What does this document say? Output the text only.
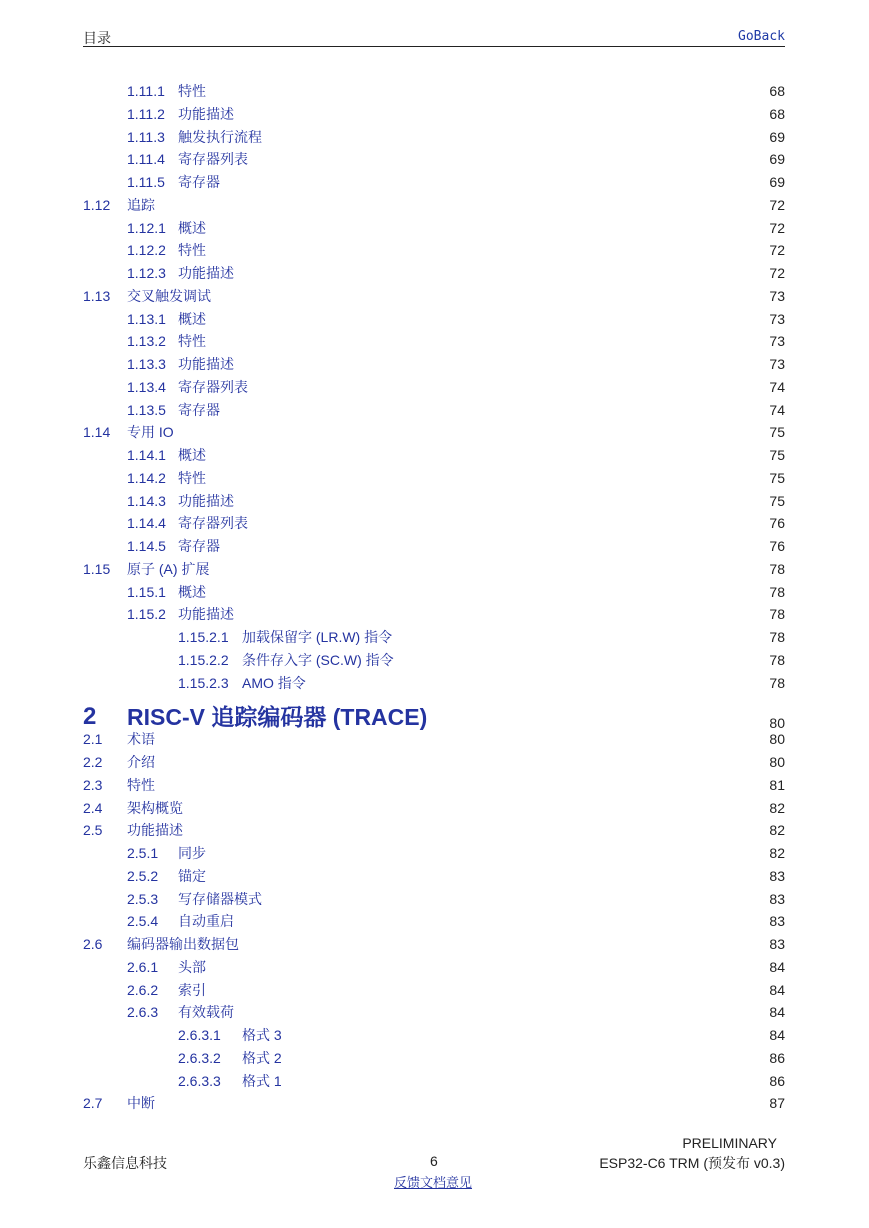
目录	GoBack
1.11.1 特性	68
1.11.2 功能描述	68
1.11.3 触发执行流程	69
1.11.4 寄存器列表	69
1.11.5 寄存器	69
1.12 追踪	72
1.12.1 概述	72
1.12.2 特性	72
1.12.3 功能描述	72
1.13 交叉触发调试	73
1.13.1 概述	73
1.13.2 特性	73
1.13.3 功能描述	73
1.13.4 寄存器列表	74
1.13.5 寄存器	74
1.14 专用 IO	75
1.14.1 概述	75
1.14.2 特性	75
1.14.3 功能描述	75
1.14.4 寄存器列表	76
1.14.5 寄存器	76
1.15 原子 (A) 扩展	78
1.15.1 概述	78
1.15.2 功能描述	78
1.15.2.1 加载保留字 (LR.W) 指令	78
1.15.2.2 条件存入字 (SC.W) 指令	78
1.15.2.3 AMO 指令	78
2 RISC-V 追踪编码器 (TRACE)	80
2.1 术语	80
2.2 介绍	80
2.3 特性	81
2.4 架构概览	82
2.5 功能描述	82
2.5.1 同步	82
2.5.2 锚定	83
2.5.3 写存储器模式	83
2.5.4 自动重启	83
2.6 编码器输出数据包	83
2.6.1 头部	84
2.6.2 索引	84
2.6.3 有效载荷	84
2.6.3.1 格式 3	84
2.6.3.2 格式 2	86
2.6.3.3 格式 1	86
2.7 中断	87
PRELIMINARY
乐鑫信息科技	6	ESP32-C6 TRM (预发布 v0.3)
反馈文档意见
